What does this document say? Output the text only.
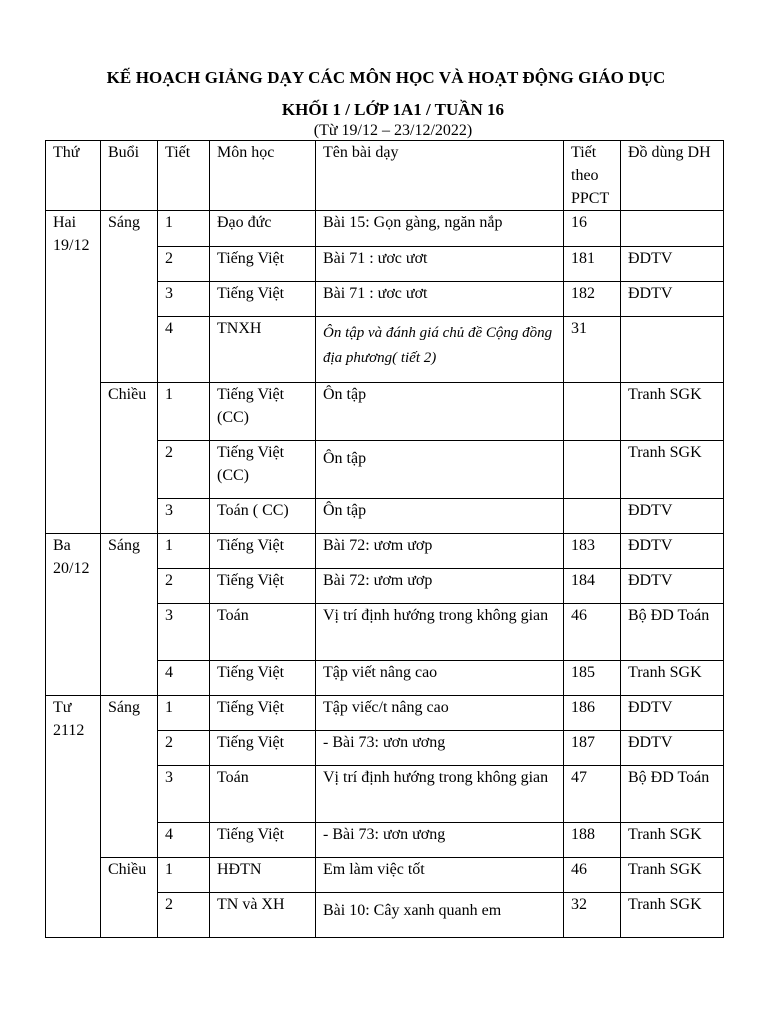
KẾ HOẠCH GIẢNG DẠY CÁC MÔN HỌC VÀ HOẠT ĐỘNG GIÁO DỤC

KHỐI 1 / LỚP 1A1 / TUẦN 16

(Từ 19/12 – 23/12/2022)

Thứ	Buổi	Tiết	Môn học	Tên bài dạy	Tiết theo PPCT	Đồ dùng DH
Hai 19/12	Sáng	1	Đạo đức	Bài 15: Gọn gàng, ngăn nắp	16	
		2	Tiếng Việt	Bài 71 : ươc ươt	181	ĐDTV
		3	Tiếng Việt	Bài 71 : ươc ươt	182	ĐDTV
		4	TNXH	Ôn tập và đánh giá chủ đề Cộng đồng địa phương( tiết 2)	31	
	Chiều	1	Tiếng Việt (CC)	Ôn tập		Tranh SGK
		2	Tiếng Việt (CC)	Ôn tập		Tranh SGK
		3	Toán ( CC)	Ôn tập		ĐDTV
Ba 20/12	Sáng	1	Tiếng Việt	Bài 72: ươm ươp	183	ĐDTV
		2	Tiếng Việt	Bài 72: ươm ươp	184	ĐDTV
		3	Toán	Vị trí định hướng trong không gian	46	Bộ ĐD Toán
		4	Tiếng Việt	Tập viết nâng cao	185	Tranh SGK
Tư 2112	Sáng	1	Tiếng Việt	Tập viếc/t nâng cao	186	ĐDTV
		2	Tiếng Việt	- Bài 73: ươn ương	187	ĐDTV
		3	Toán	Vị trí định hướng trong không gian	47	Bộ ĐD Toán
		4	Tiếng Việt	- Bài 73: ươn ương	188	Tranh SGK
	Chiều	1	HĐTN	Em làm việc tốt	46	Tranh SGK
		2	TN và XH	Bài 10: Cây xanh quanh em	32	Tranh SGK
